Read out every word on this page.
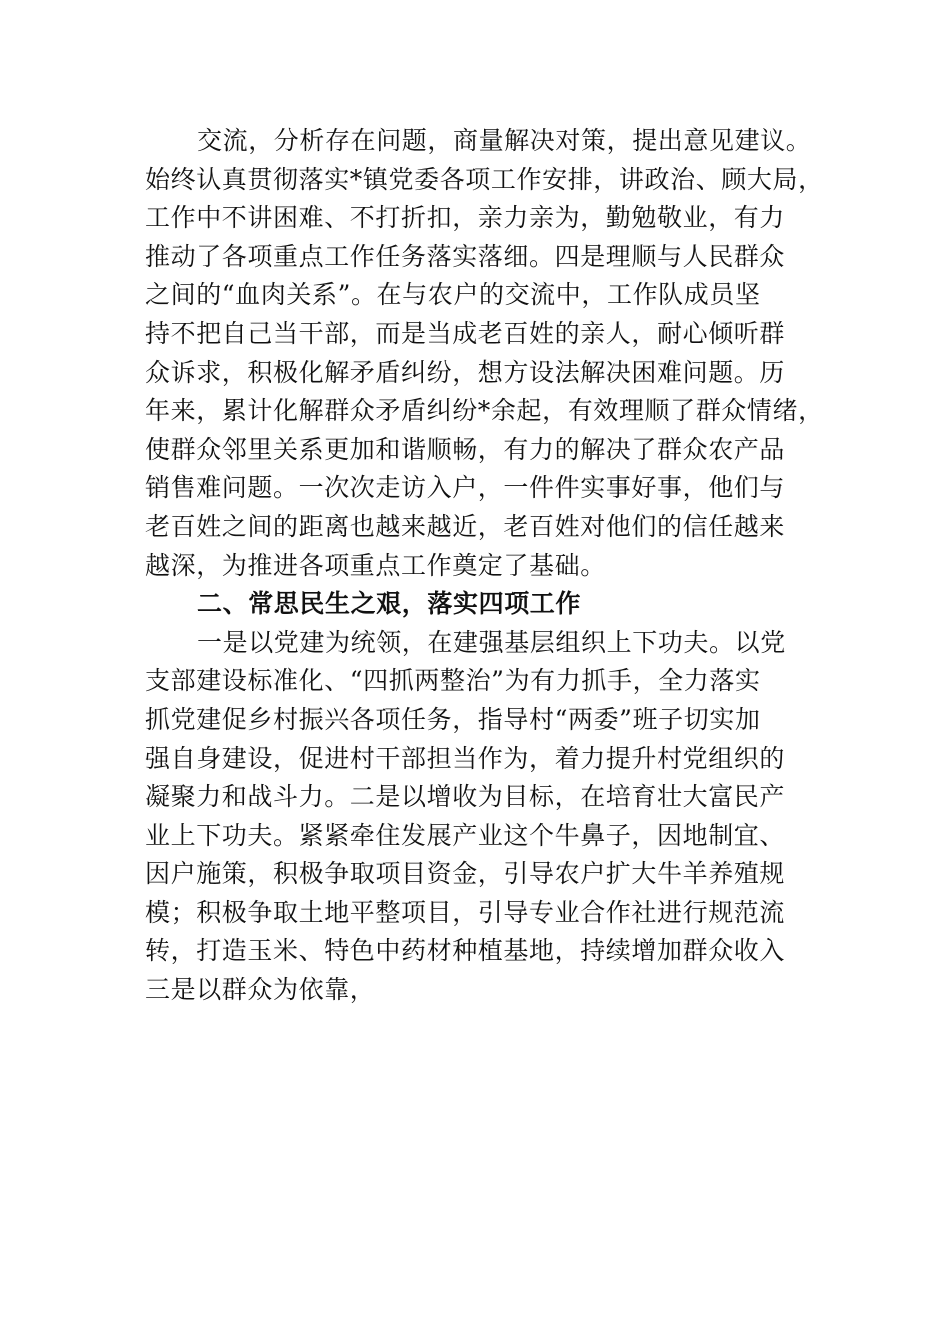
交流，分析存在问题，商量解决对策，提出意见建议。
始终认真贯彻落实*镇党委各项工作安排，讲政治、顾大局，
工作中不讲困难、不打折扣，亲力亲为，勤勉敬业，有力
推动了各项重点工作任务落实落细。四是理顺与人民群众
之间的“血肉关系”。在与农户的交流中，工作队成员坚
持不把自己当干部，而是当成老百姓的亲人，耐心倾听群
众诉求，积极化解矛盾纠纷，想方设法解决困难问题。历
年来，累计化解群众矛盾纠纷*余起，有效理顺了群众情绪，
使群众邻里关系更加和谐顺畅，有力的解决了群众农产品
销售难问题。一次次走访入户，一件件实事好事，他们与
老百姓之间的距离也越来越近，老百姓对他们的信任越来
越深，为推进各项重点工作奠定了基础。
二、常思民生之艰，落实四项工作
一是以党建为统领，在建强基层组织上下功夫。以党
支部建设标准化、“四抓两整治”为有力抓手，全力落实
抓党建促乡村振兴各项任务，指导村“两委”班子切实加
强自身建设，促进村干部担当作为，着力提升村党组织的
凝聚力和战斗力。二是以增收为目标，在培育壮大富民产
业上下功夫。紧紧牵住发展产业这个牛鼻子，因地制宜、
因户施策，积极争取项目资金，引导农户扩大牛羊养殖规
模；积极争取土地平整项目，引导专业合作社进行规范流
转，打造玉米、特色中药材种植基地，持续增加群众收入
三是以群众为依靠，
